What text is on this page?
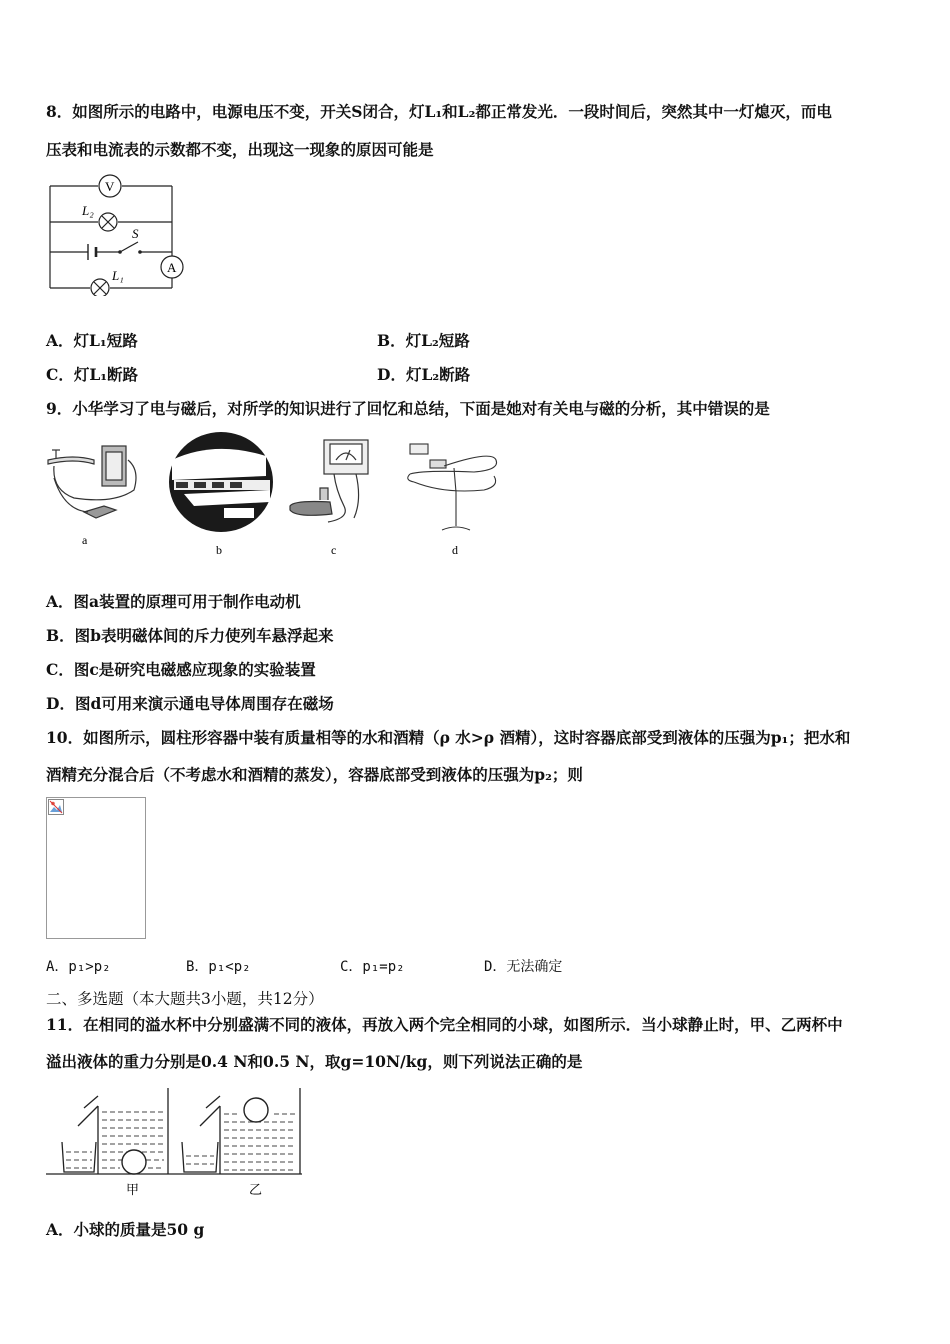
8．如图所示的电路中，电源电压不变，开关S闭合，灯L₁和L₂都正常发光．一段时间后，突然其中一灯熄灭，而电
压表和电流表的示数都不变，出现这一现象的原因可能是
V
A
L₂
L₁
S
A．灯L₁短路	B．灯L₂短路
C．灯L₁断路	D．灯L₂断路
9．小华学习了电与磁后，对所学的知识进行了回忆和总结，下面是她对有关电与磁的分析，其中错误的是
a
b	c	d
A．图a装置的原理可用于制作电动机
B．图b表明磁体间的斥力使列车悬浮起来
C．图c是研究电磁感应现象的实验装置
D．图d可用来演示通电导体周围存在磁场
10．如图所示，圆柱形容器中装有质量相等的水和酒精（ρ 水>ρ 酒精），这时容器底部受到液体的压强为p₁；把水和
酒精充分混合后（不考虑水和酒精的蒸发），容器底部受到液体的压强为p₂；则
A．p₁>p₂	B．p₁<p₂	C．p₁=p₂	D．无法确定
二、多选题（本大题共3小题，共12分）
11．在相同的溢水杯中分别盛满不同的液体，再放入两个完全相同的小球，如图所示．当小球静止时，甲、乙两杯中
溢出液体的重力分别是0.4 N和0.5 N，取g=10N/kg，则下列说法正确的是
甲	乙
A．小球的质量是50 g
